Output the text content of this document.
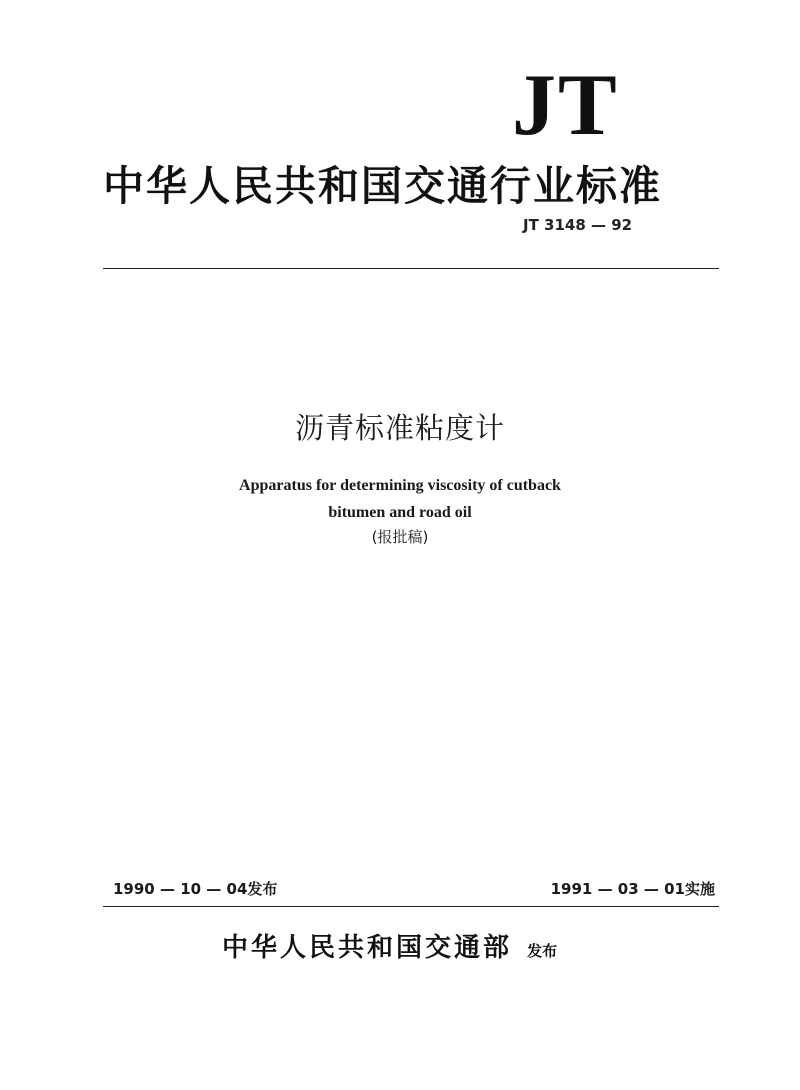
JT
中华人民共和国交通行业标准
JT 3148 — 92
沥青标准粘度计
Apparatus for determining viscosity of cutback
bitumen and road oil
(报批稿)
1990 — 10 — 04发布	1991 — 03 — 01实施
中华人民共和国交通部 发布
